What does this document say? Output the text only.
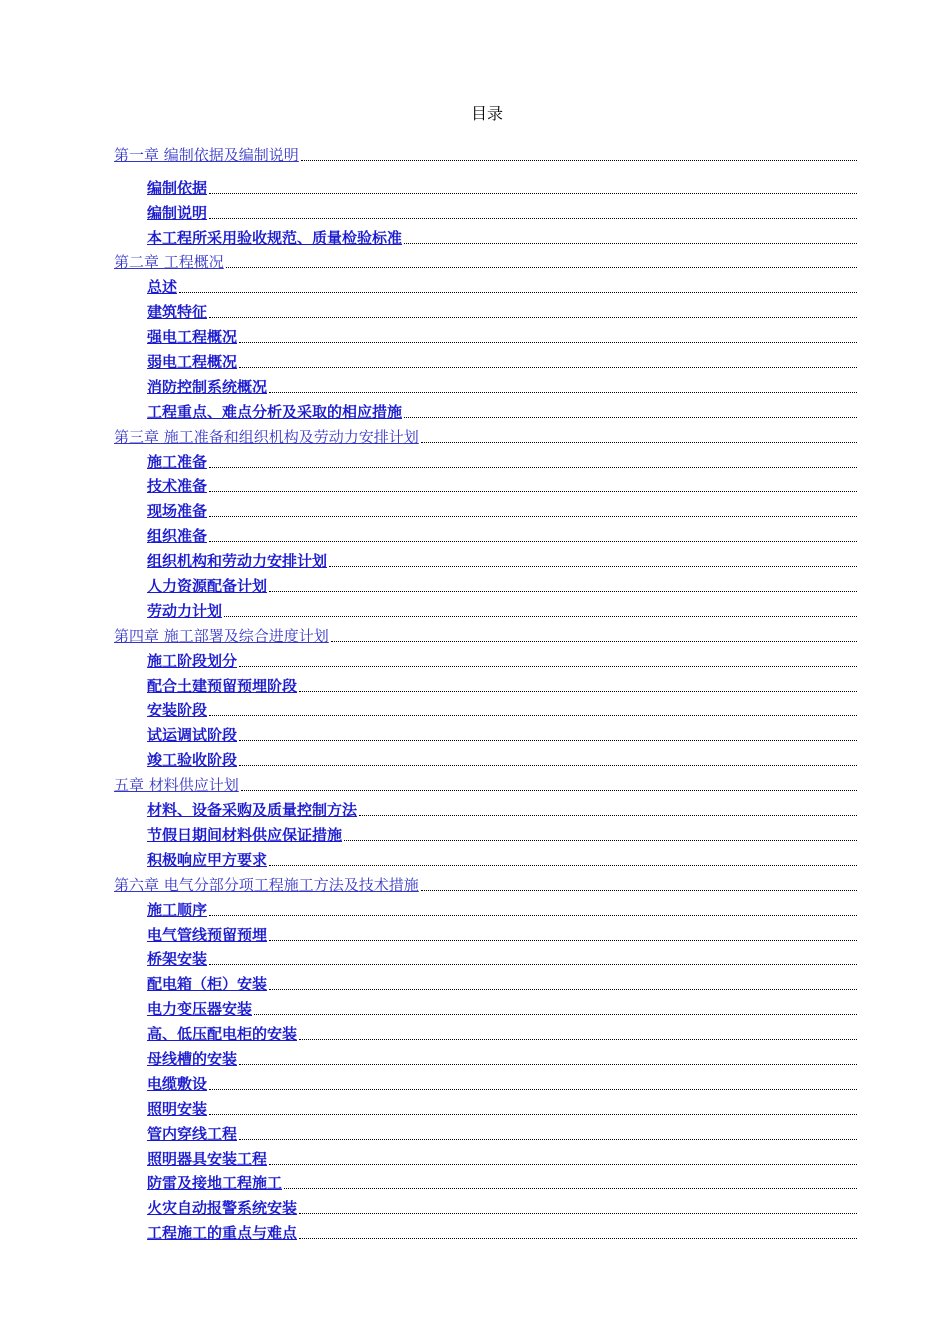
目录
第一章 编制依据及编制说明
编制依据
编制说明
本工程所采用验收规范、质量检验标准
第二章 工程概况
总述
建筑特征
强电工程概况
弱电工程概况
消防控制系统概况
工程重点、难点分析及采取的相应措施
第三章 施工准备和组织机构及劳动力安排计划
施工准备
技术准备
现场准备
组织准备
组织机构和劳动力安排计划
人力资源配备计划
劳动力计划
第四章 施工部署及综合进度计划
施工阶段划分
配合土建预留预埋阶段
安装阶段
试运调试阶段
竣工验收阶段
五章 材料供应计划
材料、设备采购及质量控制方法
节假日期间材料供应保证措施
积极响应甲方要求
第六章 电气分部分项工程施工方法及技术措施
施工顺序
电气管线预留预埋
桥架安装
配电箱（柜）安装
电力变压器安装
高、低压配电柜的安装
母线槽的安装
电缆敷设
照明安装
管内穿线工程
照明器具安装工程
防雷及接地工程施工
火灾自动报警系统安装
工程施工的重点与难点
